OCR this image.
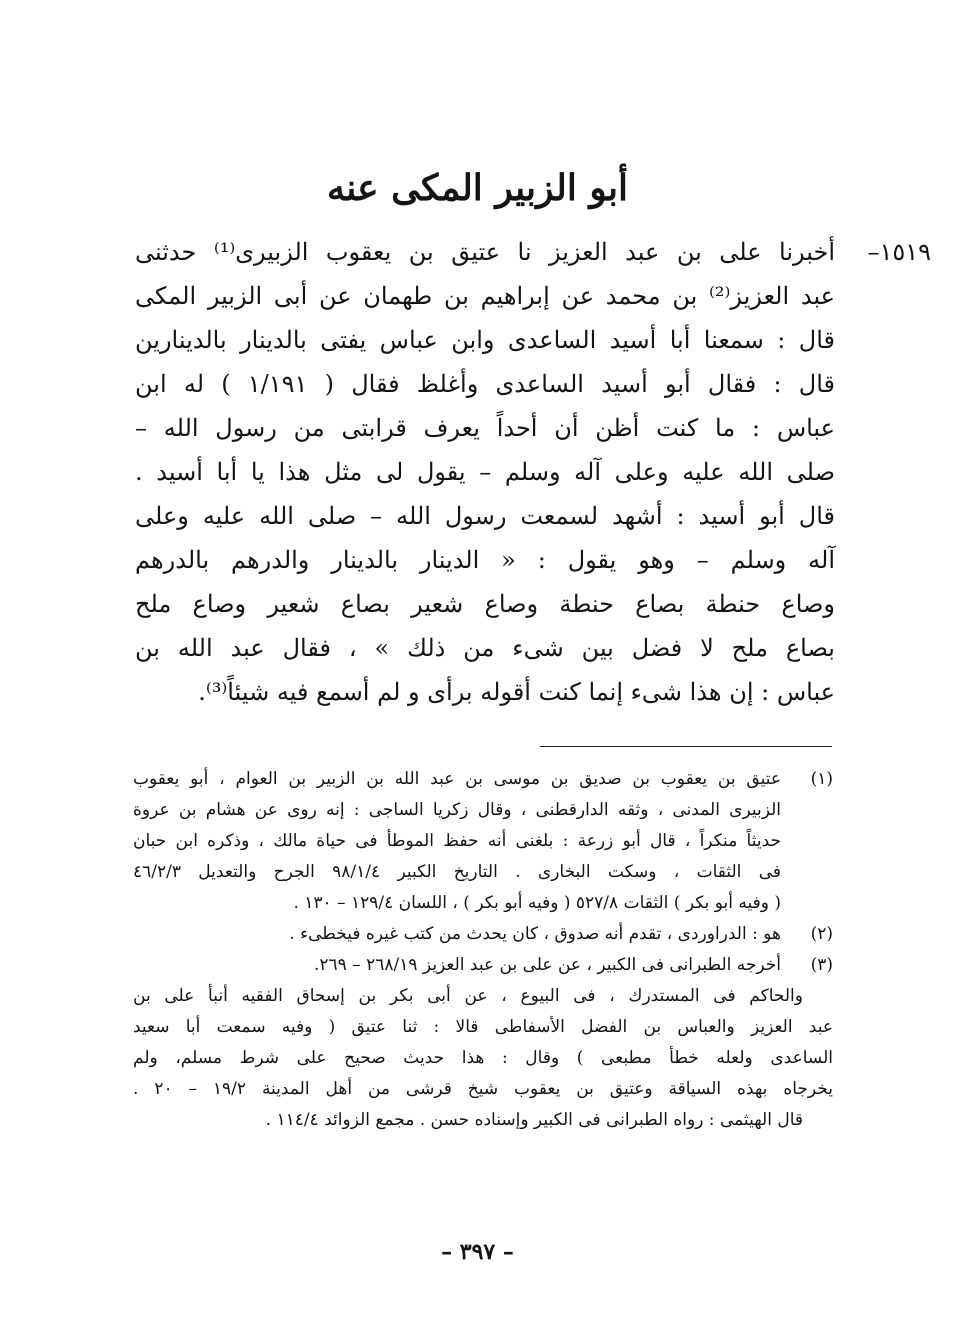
أبو الزبير المكى عنه
١٥١٩–
أخبرنا على بن عبد العزيز نا عتيق بن يعقوب الزبيرى⁽¹⁾ حدثنى
عبد العزيز⁽²⁾ بن محمد عن إبراهيم بن طهمان عن أبى الزبير المكى
قال : سمعنا أبا أسيد الساعدى وابن عباس يفتى بالدينار بالدينارين
قال : فقال أبو أسيد الساعدى وأغلظ فقال ( ١/١٩١ ) له ابن
عباس : ما كنت أظن أن أحداً يعرف قرابتى من رسول الله –
صلى الله عليه وعلى آله وسلم – يقول لى مثل هذا يا أبا أسيد .
قال أبو أسيد : أشهد لسمعت رسول الله – صلى الله عليه وعلى
آله وسلم – وهو يقول : « الدينار بالدينار والدرهم بالدرهم
وصاع حنطة بصاع حنطة وصاع شعير بصاع شعير وصاع ملح
بصاع ملح لا فضل بين شىء من ذلك » ، فقال عبد الله بن
عباس : إن هذا شىء إنما كنت أقوله برأى و لم أسمع فيه شيئاً⁽³⁾.
(١)
عتيق بن يعقوب بن صديق بن موسى بن عبد الله بن الزبير بن العوام ، أبو يعقوب
الزبيرى المدنى ، وثقه الدارقطنى ، وقال زكريا الساجى : إنه روى عن هشام بن عروة
حديثاً منكراً ، قال أبو زرعة : بلغنى أنه حفظ الموطأ فى حياة مالك ، وذكره ابن حبان
فى الثقات ، وسكت البخارى . التاريخ الكبير ٩٨/١/٤ الجرح والتعديل ٤٦/٢/٣
( وفيه أبو بكر ) الثقات ٥٢٧/٨ ( وفيه أبو بكر ) ، اللسان ١٢٩/٤ – ١٣٠ .
(٢)
هو : الدراوردى ، تقدم أنه صدوق ، كان يحدث من كتب غيره فيخطىء .
(٣)
أخرجه الطبرانى فى الكبير ، عن على بن عبد العزيز ٢٦٨/١٩ – ٢٦٩.
والحاكم فى المستدرك ، فى البيوع ، عن أبى بكر بن إسحاق الفقيه أنبأ على بن
عبد العزيز والعباس بن الفضل الأسفاطى قالا : ثنا عتيق ( وفيه سمعت أبا سعيد
الساعدى ولعله خطأ مطبعى ) وقال : هذا حديث صحيح على شرط مسلم، ولم
يخرجاه بهذه السياقة وعتيق بن يعقوب شيخ قرشى من أهل المدينة ١٩/٢ – ٢٠ .
قال الهيثمى : رواه الطبرانى فى الكبير وإسناده حسن . مجمع الزوائد ١١٤/٤ .
– ٣٩٧ –
